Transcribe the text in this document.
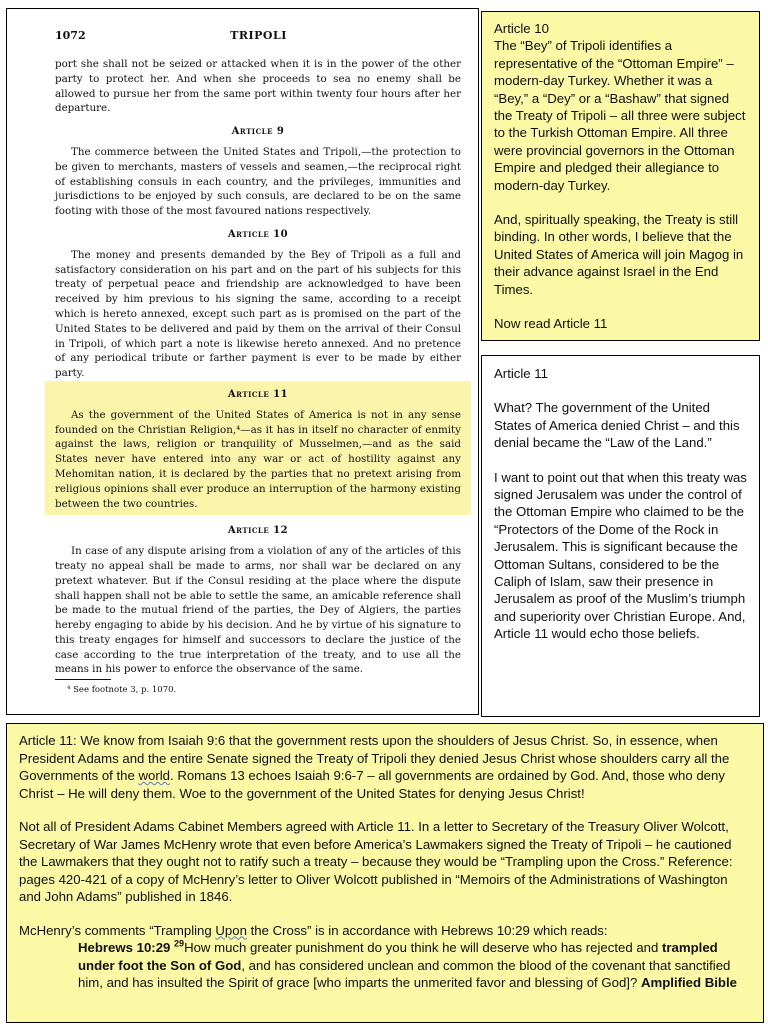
1072	TRIPOLI

port she shall not be seized or attacked when it is in the power of the other party to protect her. And when she proceeds to sea no enemy shall be allowed to pursue her from the same port within twenty four hours after her departure.

Article 9

The commerce between the United States and Tripoli,—the protection to be given to merchants, masters of vessels and seamen,—the reciprocal right of establishing consuls in each country, and the privileges, immunities and jurisdictions to be enjoyed by such consuls, are declared to be on the same footing with those of the most favoured nations respectively.

Article 10

The money and presents demanded by the Bey of Tripoli as a full and satisfactory consideration on his part and on the part of his subjects for this treaty of perpetual peace and friendship are acknowledged to have been received by him previous to his signing the same, according to a receipt which is hereto annexed, except such part as is promised on the part of the United States to be delivered and paid by them on the arrival of their Consul in Tripoli, of which part a note is likewise hereto annexed. And no pretence of any periodical tribute or farther payment is ever to be made by either party.

Article 11

As the government of the United States of America is not in any sense founded on the Christian Religion,⁴—as it has in itself no character of enmity against the laws, religion or tranquility of Musselmen,—and as the said States never have entered into any war or act of hostility against any Mehomitan nation, it is declared by the parties that no pretext arising from religious opinions shall ever produce an interruption of the harmony existing between the two countries.

Article 12

In case of any dispute arising from a violation of any of the articles of this treaty no appeal shall be made to arms, nor shall war be declared on any pretext whatever. But if the Consul residing at the place where the dispute shall happen shall not be able to settle the same, an amicable reference shall be made to the mutual friend of the parties, the Dey of Algiers, the parties hereby engaging to abide by his decision. And he by virtue of his signature to this treaty engages for himself and successors to declare the justice of the case according to the true interpretation of the treaty, and to use all the means in his power to enforce the observance of the same.

⁴ See footnote 3, p. 1070.

Article 10

The “Bey” of Tripoli identifies a representative of the “Ottoman Empire” – modern-day Turkey. Whether it was a “Bey,” a “Dey” or a “Bashaw” that signed the Treaty of Tripoli – all three were subject to the Turkish Ottoman Empire. All three were provincial governors in the Ottoman Empire and pledged their allegiance to modern-day Turkey.

And, spiritually speaking, the Treaty is still binding. In other words, I believe that the United States of America will join Magog in their advance against Israel in the End Times.

Now read Article 11

Article 11

What? The government of the United States of America denied Christ – and this denial became the “Law of the Land.”

I want to point out that when this treaty was signed Jerusalem was under the control of the Ottoman Empire who claimed to be the “Protectors of the Dome of the Rock in Jerusalem. This is significant because the Ottoman Sultans, considered to be the Caliph of Islam, saw their presence in Jerusalem as proof of the Muslim’s triumph and superiority over Christian Europe. And, Article 11 would echo those beliefs.

Article 11: We know from Isaiah 9:6 that the government rests upon the shoulders of Jesus Christ. So, in essence, when President Adams and the entire Senate signed the Treaty of Tripoli they denied Jesus Christ whose shoulders carry all the Governments of the world. Romans 13 echoes Isaiah 9:6-7 – all governments are ordained by God. And, those who deny Christ – He will deny them. Woe to the government of the United States for denying Jesus Christ!

Not all of President Adams Cabinet Members agreed with Article 11. In a letter to Secretary of the Treasury Oliver Wolcott, Secretary of War James McHenry wrote that even before America’s Lawmakers signed the Treaty of Tripoli – he cautioned the Lawmakers that they ought not to ratify such a treaty – because they would be “Trampling upon the Cross.” Reference: pages 420-421 of a copy of McHenry’s letter to Oliver Wolcott published in “Memoirs of the Administrations of Washington and John Adams” published in 1846.

McHenry’s comments “Trampling Upon the Cross” is in accordance with Hebrews 10:29 which reads:

Hebrews 10:29 $^{29}$How much greater punishment do you think he will deserve who has rejected and trampled under foot the Son of God, and has considered unclean and common the blood of the covenant that sanctified him, and has insulted the Spirit of grace [who imparts the unmerited favor and blessing of God]? Amplified Bible
